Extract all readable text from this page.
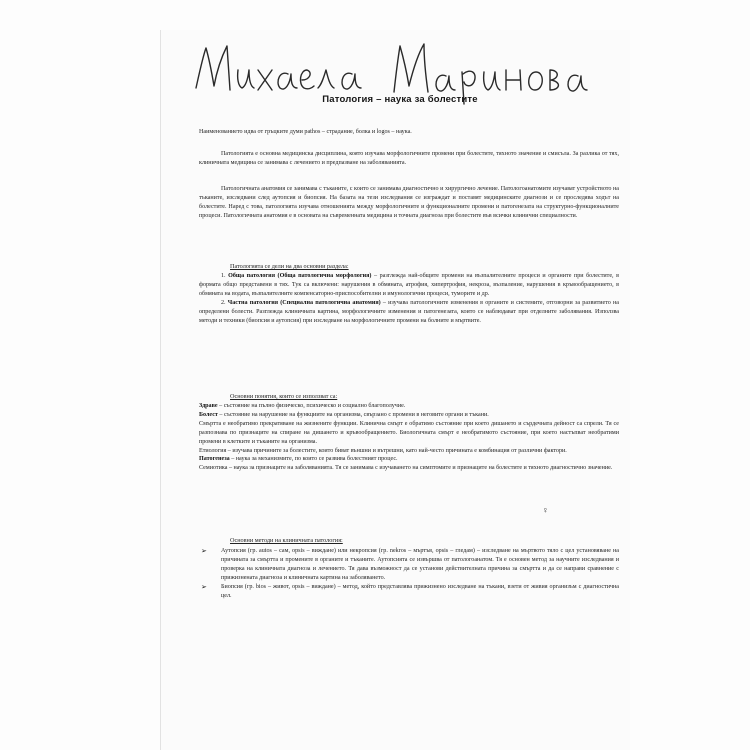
Патология – наука за болестите

Наименованието идва от гръцките думи pathos – страдание, болка и logos – наука.

Патологията е основна медицинска дисциплина, която изучава морфологичните промени при болестите, тяхното значение и смисъла. За разлика от тях, клиничната медицина се занимава с лечението и предпазване на заболяванията.

Патологичната анатомия се занимава с тъканите, с които се занимава диагностично и хирургично лечение. Патологоанатомите изучават устройството на тъканите, изследвани след аутопсия и биопсия. На базата на тези изследвания се изграждат и поставят медицинските диагнози и се проследява ходът на болестите. Наред с това, патологията изучава отношенията между морфологичните и функционалните промени и патогенезата на структурно-функционалните процеси. Патологичната анатомия е в основата на съвременната медицина и точната диагноза при болестите във всички клинични специалности.

Патологията се дели на два основни раздела:

1. Обща патология (Обща патологична морфология) – разглежда най-общите промени на възпалителните процеси и органите при болестите, в формата общо представени в тях. Тук са включени: нарушения в обмяната, атрофия, хипертрофия, некроза, възпаление, нарушения в кръвообращението, в обмяната на водата, възпалителните компенсаторно-приспособителни и имунологични процеси, туморите и др.

2. Частна патология (Специална патологична анатомия) – изучава патологичните изменения в органите и системите, отговорни за развитието на определени болести. Разглежда клиничната картина, морфологичните изменения и патогенезата, които се наблюдават при отделните заболявания. Използва методи и техники (биопсия и аутопсия) при изследване на морфологичните промени на болните и мъртвите.

Основни понятия, които се използват са:

Здраве – състояние на пълно физическо, психическо и социално благополучие.

Болест – състояние на нарушение на функциите на организма, свързано с промени в неговите органи и тъкани.

Смъртта е необратимо прекратяване на жизнените функции. Клинична смърт е обратимо състояние при което дишането и сърдечната дейност са спрели. Тя се разпознава по признаците на спиране на дишането и кръвообращението. Биологичната смърт е необратимото състояние, при което настъпват необратими промени в клетките и тъканите на организма.

Етиология – изучава причините за болестите, които биват външни и вътрешни, като най-често причината е комбинация от различни фактори.

Патогенеза – наука за механизмите, по които се развива болестният процес.

Семиотика – наука за признаците на заболяванията. Тя се занимава с изучаването на симптомите и признаците на болестите и тяхното диагностично значение.

♀
Основни методи на клиничната патология:
➢ Аутопсия (гр. autos – сам, opsis – виждане) или некропсия (гр. nekros – мъртъв, opsis – гледам) – изследване на мъртвото тяло с цел установяване на причината за смъртта и промените в органите и тъканите. Аутопсията се извършва от патологоанатом. Тя е основен метод за научните изследвания и проверка на клиничната диагноза и лечението. Тя дава възможност да се установи действителната причина за смъртта и да се направи сравнение с прижизнената диагноза и клиничната картина на заболяването.
➢ Биопсия (гр. bios – живот, opsis – виждане) – метод, който представлява прижизнено изследване на тъкани, взети от живия организъм с диагностична цел.
